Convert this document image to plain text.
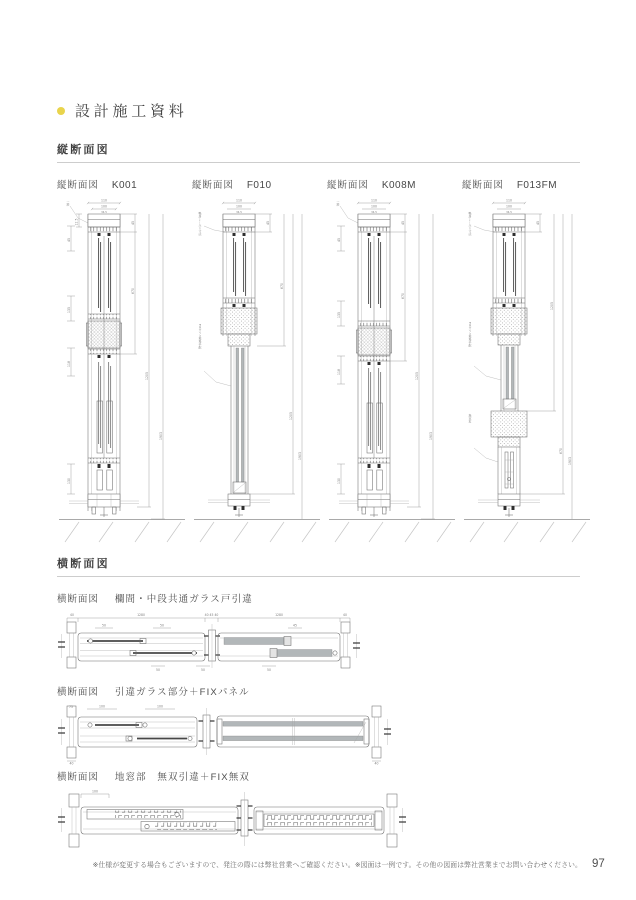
設計施工資料
縦断面図
縦断面図 K001
110
100
34.5
一筋
12.5
45
135
118
130
670
45
1205
1903
縦断面図 F010
110
100
34.5
鴨居レール下寸法
FIXガラス現場手配
45
670
1205
1903
縦断面図 K008M
110
100
34.5
一筋
45
135
118
130
45
670
1205
1903
縦断面図 F013FM
110
100
34.5
鴨居レール下寸法
FIXガラス現場手配
無双窓
45
1205
670
1903
横断面図
横断面図 欄間・中段共通ガラス戸引違
40	1280	40 45 40	1280	40
50	50
50	50	50
45
横断面図 引違ガラス部分＋FIXパネル
75	100	100
40	40
横断面図 地窓部　無双引違＋FIX無双
100
※仕様が変更する場合もございますので、発注の際には弊社営業へご確認ください。※図面は一例です。その他の図面は弊社営業までお問い合わせください。 97
